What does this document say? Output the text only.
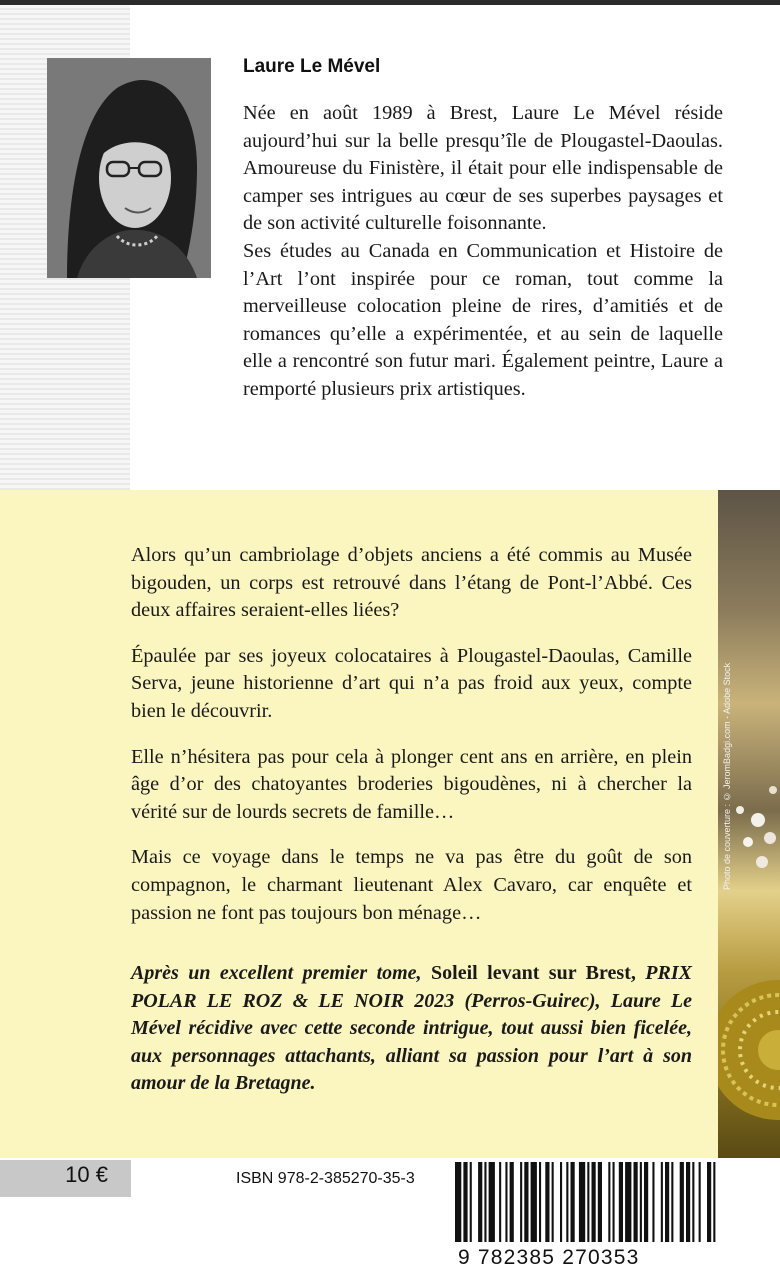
Laure Le Mével

Née en août 1989 à Brest, Laure Le Mével réside aujourd’hui sur la belle presqu’île de Plougastel-Daoulas. Amoureuse du Finistère, il était pour elle indispensable de camper ses intrigues au cœur de ses superbes paysages et de son activité culturelle foisonnante.

Ses études au Canada en Communication et Histoire de l’Art l’ont inspirée pour ce roman, tout comme la merveilleuse colocation pleine de rires, d’amitiés et de romances qu’elle a expérimentée, et au sein de laquelle elle a rencontré son futur mari. Également peintre, Laure a remporté plusieurs prix artistiques.

Photo de couverture : © JeromBadgi.com - Adobe Stock

Alors qu’un cambriolage d’objets anciens a été commis au Musée bigouden, un corps est retrouvé dans l’étang de Pont-l’Abbé. Ces deux affaires seraient-elles liées?

Épaulée par ses joyeux colocataires à Plougastel-Daoulas, Camille Serva, jeune historienne d’art qui n’a pas froid aux yeux, compte bien le découvrir.

Elle n’hésitera pas pour cela à plonger cent ans en arrière, en plein âge d’or des chatoyantes broderies bigoudènes, ni à chercher la vérité sur de lourds secrets de famille…

Mais ce voyage dans le temps ne va pas être du goût de son compagnon, le charmant lieutenant Alex Cavaro, car enquête et passion ne font pas toujours bon ménage…

Après un excellent premier tome, Soleil levant sur Brest, PRIX POLAR LE ROZ & LE NOIR 2023 (Perros-Guirec), Laure Le Mével récidive avec cette seconde intrigue, tout aussi bien ficelée, aux personnages attachants, alliant sa passion pour l’art à son amour de la Bretagne.

10 €	ISBN 978-2-385270-35-3
9 782385 270353
